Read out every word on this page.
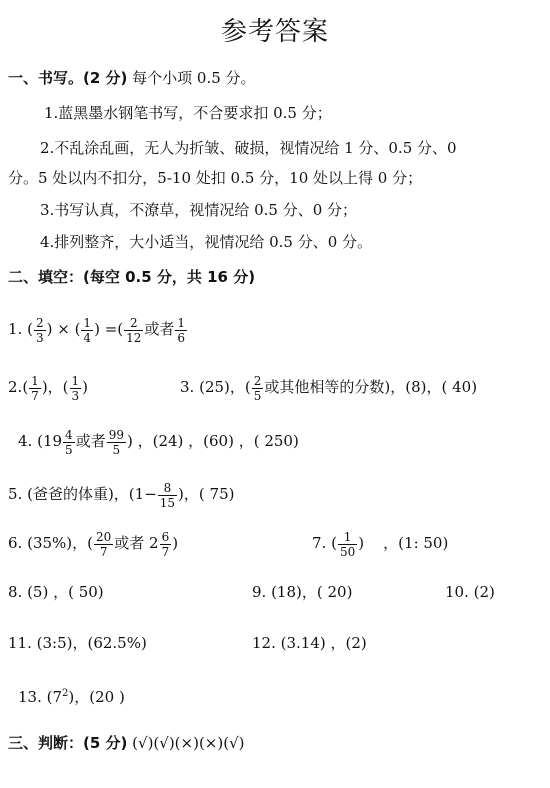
参考答案
一、书写。(2 分) 每个小项 0.5 分。
1.蓝黑墨水钢笔书写，不合要求扣 0.5 分；
2.不乱涂乱画，无人为折皱、破损，视情况给 1 分、0.5 分、0
分。5 处以内不扣分，5-10 处扣 0.5 分，10 处以上得 0 分；
3.书写认真，不潦草，视情况给 0.5 分、0 分；
4.排列整齐，大小适当，视情况给 0.5 分、0 分。
二、填空：(每空 0.5 分，共 16 分)
1. ( $\frac{2}{3}$ ) × ( $\frac{1}{4}$ ) =( $\frac{2}{12}$ 或者 $\frac{1}{6}$
$2.( \frac{1}{7}$ )，( $\frac{1}{3}$ )	3. (25)，( $\frac{2}{5}$ 或其他相等的分数)，(8)，( 40)
4. ($19 \frac{4}{5}$ 或者 $\frac{99}{5}$ ) ，(24) ，(60) ，( 250)
5. (爸爸的体重)，($1- \frac{8}{15}$ )，( 75)
6. (35%)，( $\frac{20}{7}$ 或者 $2 \frac{6}{7}$ )	7. ( $\frac{1}{50}$ ) ，(1: 50)
8. (5) ，( 50)	9. (18)，( 20)	10. (2)
11. (3:5)，(62.5%)	12. (3.14) ，(2)
13. $(7^2)$，(20 )
三、判断：(5 分) (√)(√)(×)(×)(√)
